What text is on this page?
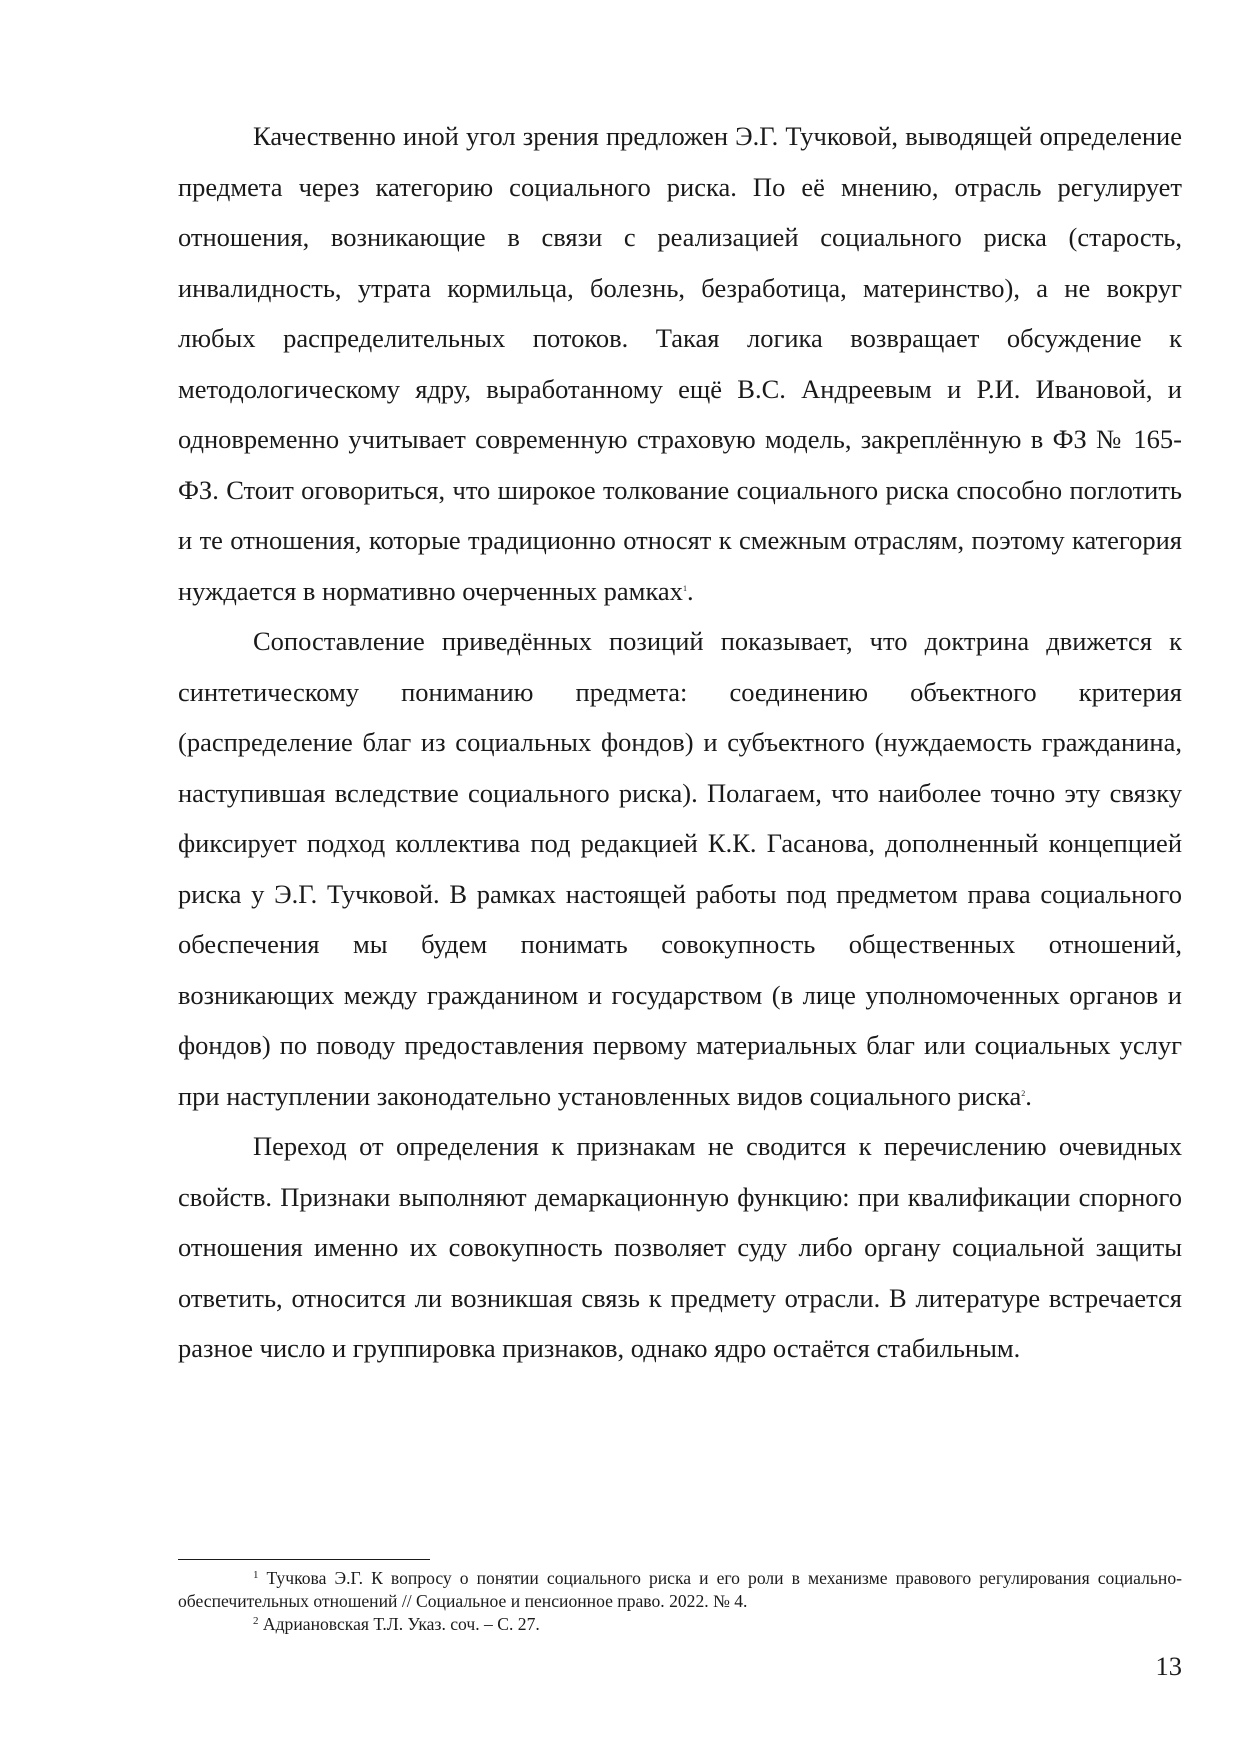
Качественно иной угол зрения предложен Э.Г. Тучковой, выводящей определение предмета через категорию социального риска. По её мнению, отрасль регулирует отношения, возникающие в связи с реализацией социального риска (старость, инвалидность, утрата кормильца, болезнь, безработица, материнство), а не вокруг любых распределительных потоков. Такая логика возвращает обсуждение к методологическому ядру, выработанному ещё В.С. Андреевым и Р.И. Ивановой, и одновременно учитывает современную страховую модель, закреплённую в ФЗ № 165-ФЗ. Стоит оговориться, что широкое толкование социального риска способно поглотить и те отношения, которые традиционно относят к смежным отраслям, поэтому категория нуждается в нормативно очерченных рамках$^1$.

Сопоставление приведённых позиций показывает, что доктрина движется к синтетическому пониманию предмета: соединению объектного критерия (распределение благ из социальных фондов) и субъектного (нуждаемость гражданина, наступившая вследствие социального риска). Полагаем, что наиболее точно эту связку фиксирует подход коллектива под редакцией К.К. Гасанова, дополненный концепцией риска у Э.Г. Тучковой. В рамках настоящей работы под предметом права социального обеспечения мы будем понимать совокупность общественных отношений, возникающих между гражданином и государством (в лице уполномоченных органов и фондов) по поводу предоставления первому материальных благ или социальных услуг при наступлении законодательно установленных видов социального риска$^2$.

Переход от определения к признакам не сводится к перечислению очевидных свойств. Признаки выполняют демаркационную функцию: при квалификации спорного отношения именно их совокупность позволяет суду либо органу социальной защиты ответить, относится ли возникшая связь к предмету отрасли. В литературе встречается разное число и группировка признаков, однако ядро остаётся стабильным.

$^1$ Тучкова Э.Г. К вопросу о понятии социального риска и его роли в механизме правового регулирования социально-обеспечительных отношений // Социальное и пенсионное право. 2022. № 4.

$^2$ Адриановская Т.Л. Указ. соч. – С. 27.

13
